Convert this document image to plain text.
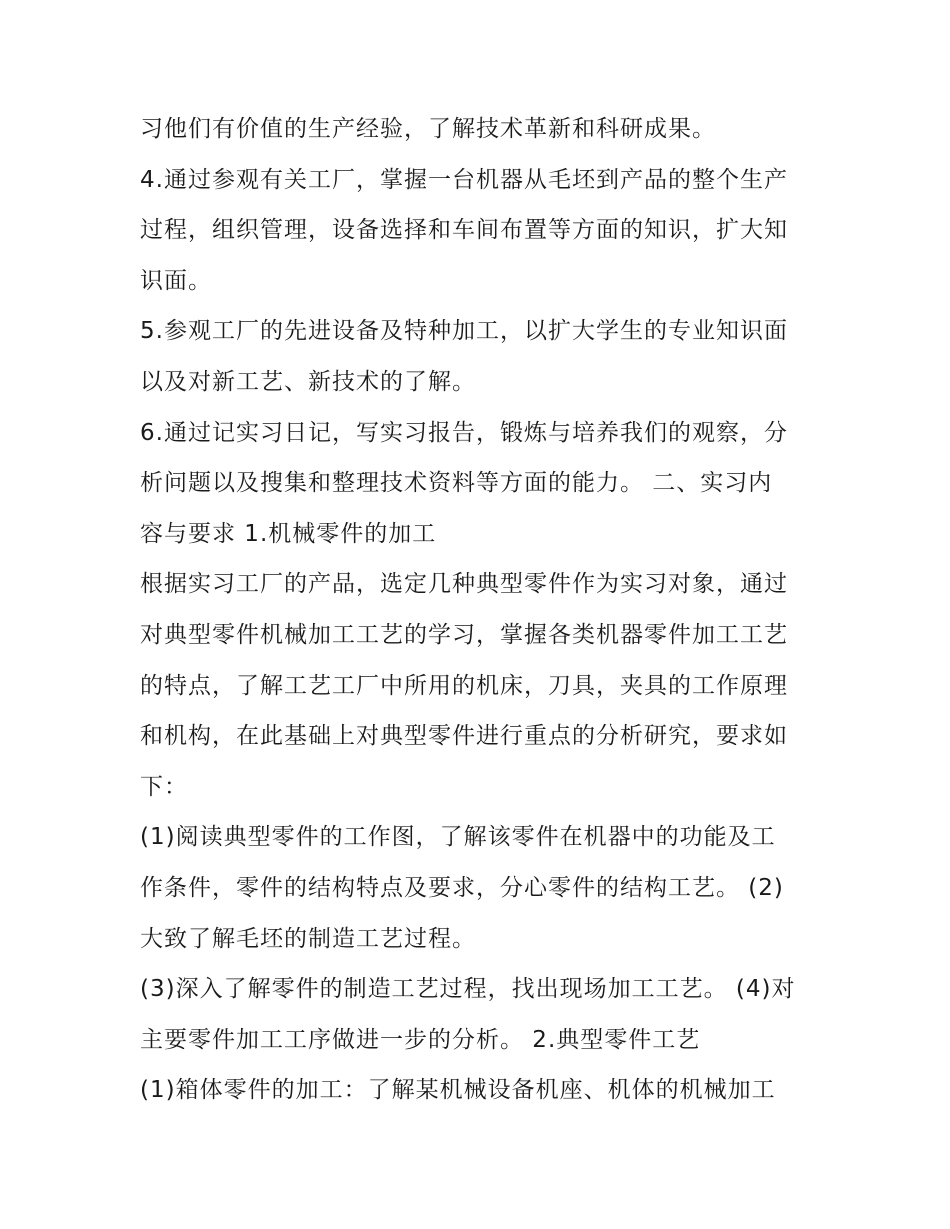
习他们有价值的生产经验，了解技术革新和科研成果。
4.通过参观有关工厂，掌握一台机器从毛坯到产品的整个生产
过程，组织管理，设备选择和车间布置等方面的知识，扩大知
识面。
5.参观工厂的先进设备及特种加工，以扩大学生的专业知识面
以及对新工艺、新技术的了解。
6.通过记实习日记，写实习报告，锻炼与培养我们的观察，分
析问题以及搜集和整理技术资料等方面的能力。 二、实习内
容与要求 1.机械零件的加工
根据实习工厂的产品，选定几种典型零件作为实习对象，通过
对典型零件机械加工工艺的学习，掌握各类机器零件加工工艺
的特点，了解工艺工厂中所用的机床，刀具，夹具的工作原理
和机构，在此基础上对典型零件进行重点的分析研究，要求如
下：
(1)阅读典型零件的工作图，了解该零件在机器中的功能及工
作条件，零件的结构特点及要求，分心零件的结构工艺。 (2)
大致了解毛坯的制造工艺过程。
(3)深入了解零件的制造工艺过程，找出现场加工工艺。 (4)对
主要零件加工工序做进一步的分析。 2.典型零件工艺
(1)箱体零件的加工：了解某机械设备机座、机体的机械加工
